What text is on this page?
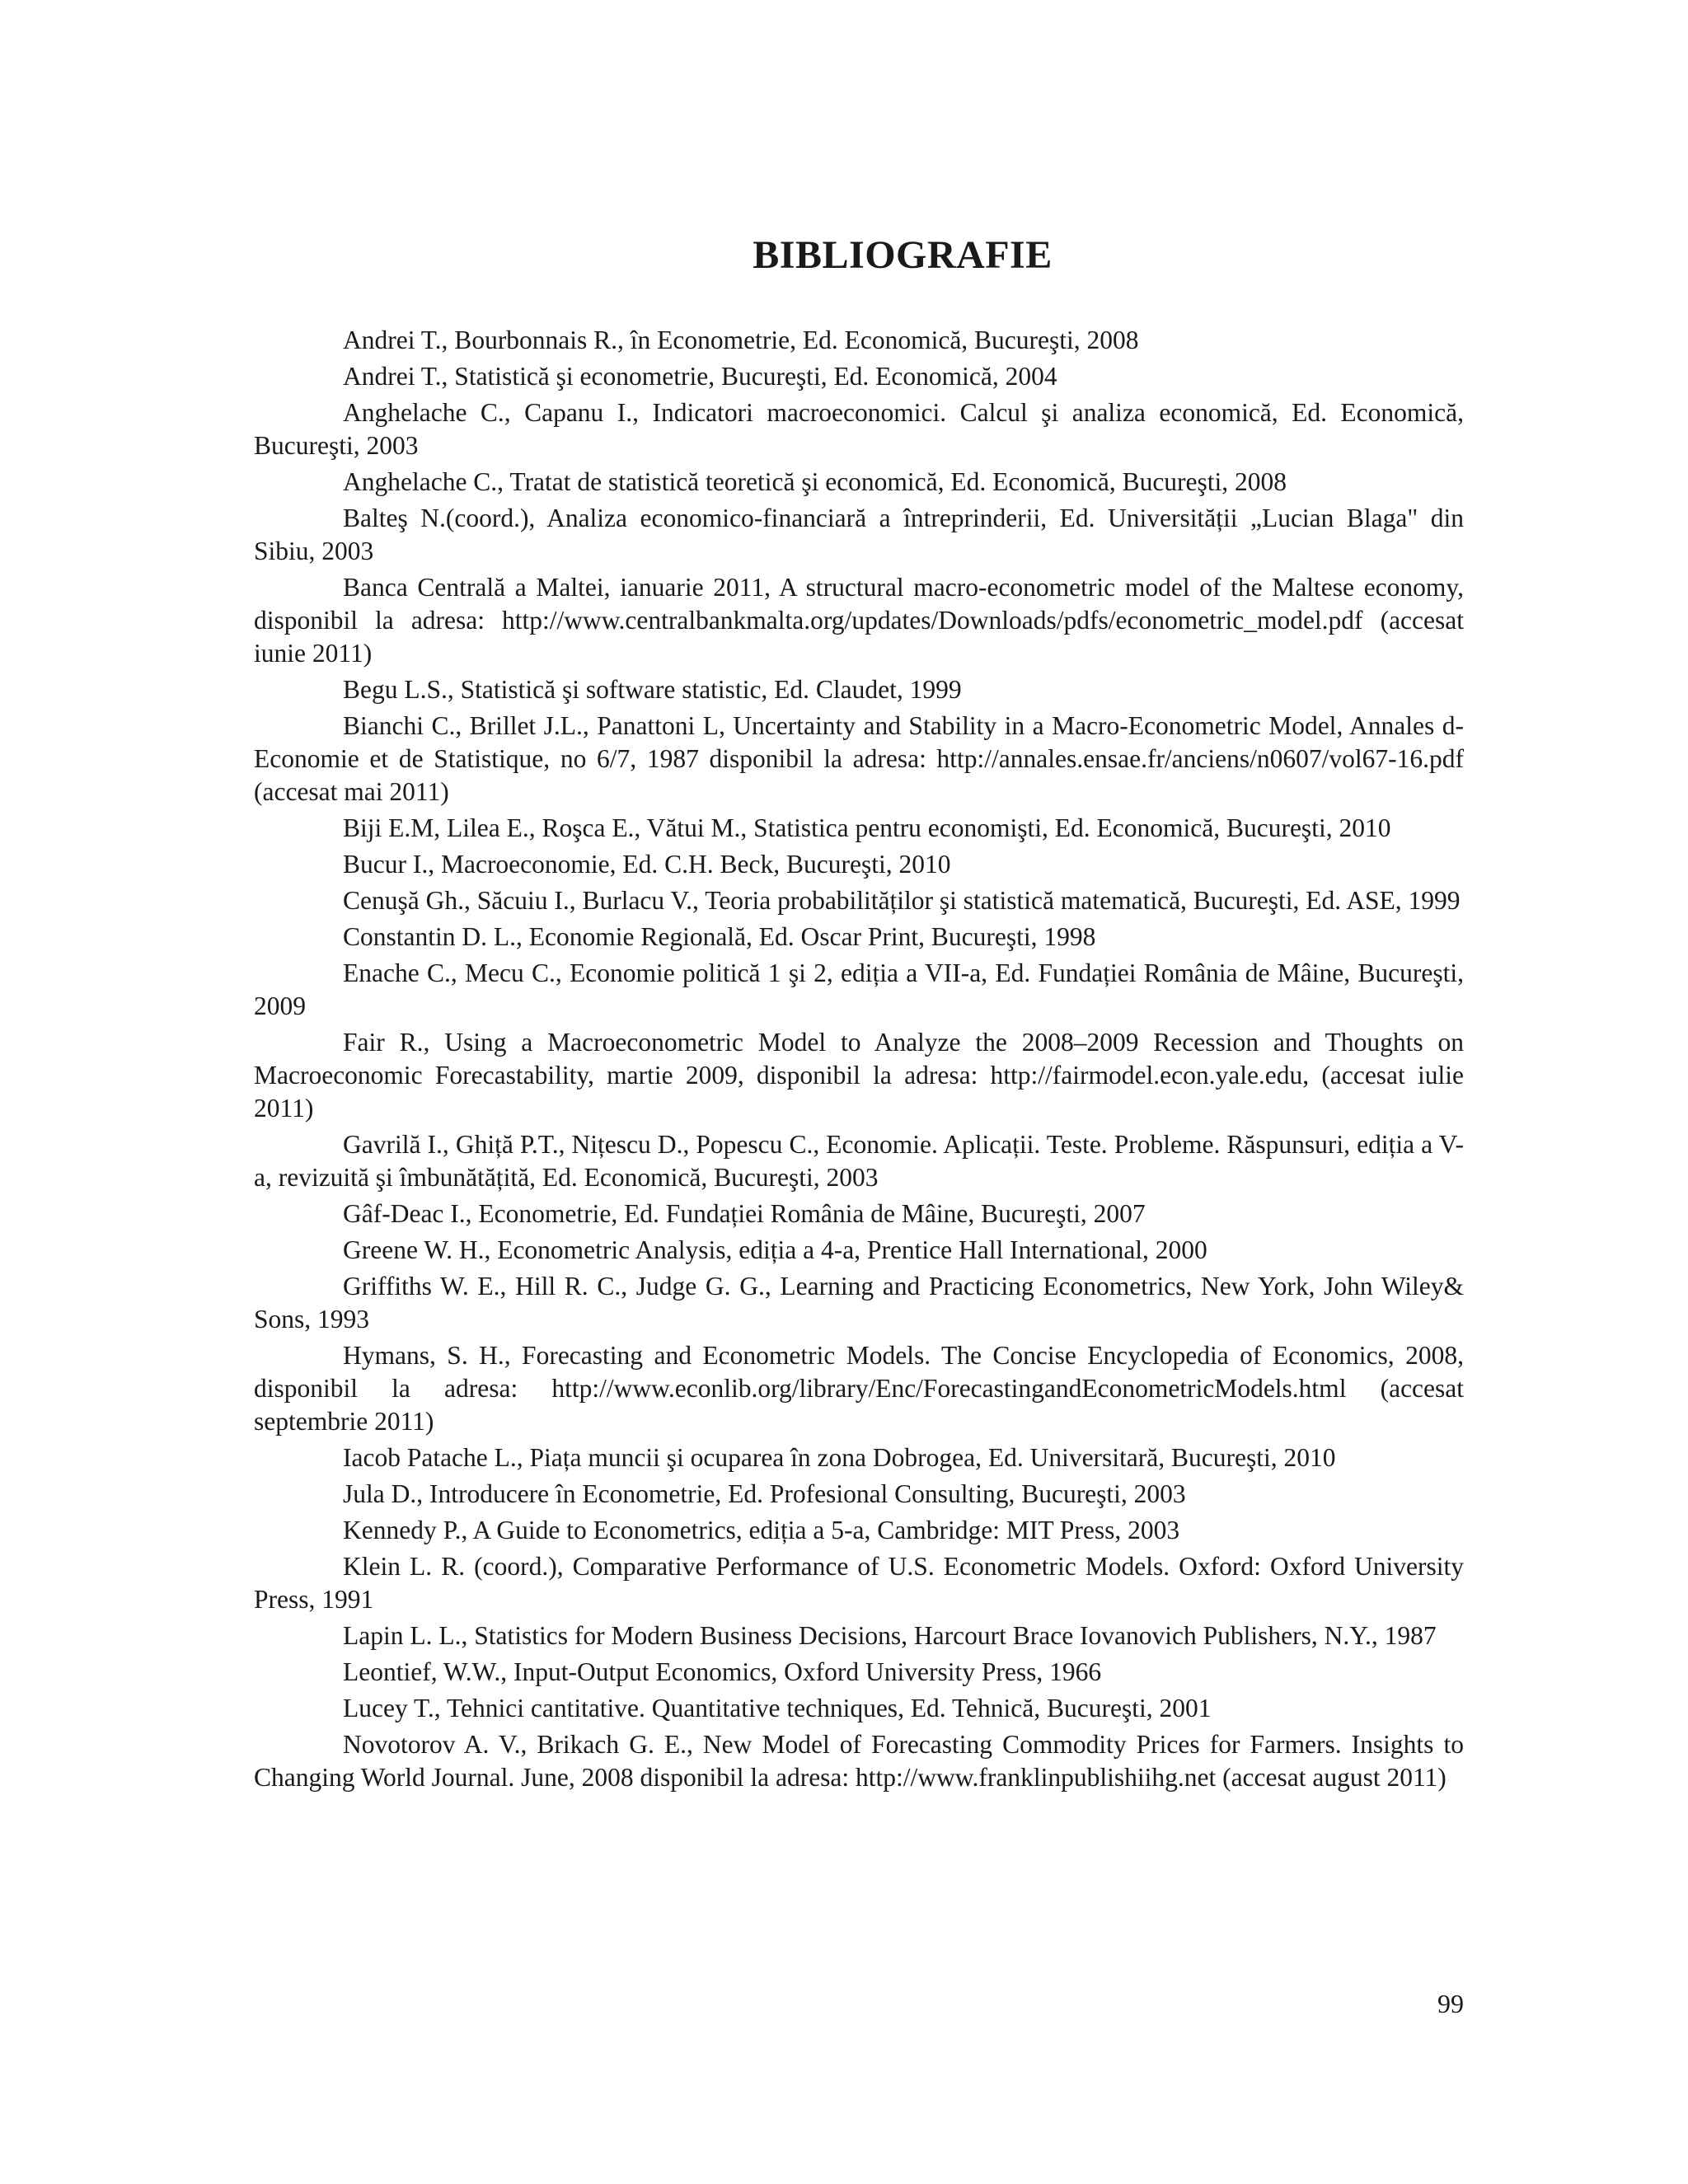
BIBLIOGRAFIE

Andrei T., Bourbonnais R., în Econometrie, Ed. Economică, Bucureşti, 2008

Andrei T., Statistică şi econometrie, Bucureşti, Ed. Economică, 2004

Anghelache C., Capanu I., Indicatori macroeconomici. Calcul şi analiza economică, Ed. Economică, Bucureşti, 2003

Anghelache C., Tratat de statistică teoretică şi economică, Ed. Economică, Bucureşti, 2008

Balteş N.(coord.), Analiza economico-financiară a întreprinderii, Ed. Universității „Lucian Blaga" din Sibiu, 2003

Banca Centrală a Maltei, ianuarie 2011, A structural macro-econometric model of the Maltese economy, disponibil la adresa: http://www.centralbankmalta.org/updates/Downloads/pdfs/econometric_model.pdf (accesat iunie 2011)

Begu L.S., Statistică şi software statistic, Ed. Claudet, 1999

Bianchi C., Brillet J.L., Panattoni L, Uncertainty and Stability in a Macro-Econometric Model, Annales d-Economie et de Statistique, no 6/7, 1987 disponibil la adresa: http://annales.ensae.fr/anciens/n0607/vol67-16.pdf (accesat mai 2011)

Biji E.M, Lilea E., Roşca E., Vătui M., Statistica pentru economişti, Ed. Economică, Bucureşti, 2010

Bucur I., Macroeconomie, Ed. C.H. Beck, Bucureşti, 2010

Cenuşă Gh., Săcuiu I., Burlacu V., Teoria probabilităților şi statistică matematică, Bucureşti, Ed. ASE, 1999

Constantin D. L., Economie Regională, Ed. Oscar Print, Bucureşti, 1998

Enache C., Mecu C., Economie politică 1 şi 2, ediția a VII-a, Ed. Fundației România de Mâine, Bucureşti, 2009

Fair R., Using a Macroeconometric Model to Analyze the 2008–2009 Recession and Thoughts on Macroeconomic Forecastability, martie 2009, disponibil la adresa: http://fairmodel.econ.yale.edu, (accesat iulie 2011)

Gavrilă I., Ghiță P.T., Nițescu D., Popescu C., Economie. Aplicații. Teste. Probleme. Răspunsuri, ediția a V-a, revizuită şi îmbunătățită, Ed. Economică, Bucureşti, 2003

Gâf-Deac I., Econometrie, Ed. Fundației România de Mâine, Bucureşti, 2007

Greene W. H., Econometric Analysis, ediția a 4-a, Prentice Hall International, 2000

Griffiths W. E., Hill R. C., Judge G. G., Learning and Practicing Econometrics, New York, John Wiley& Sons, 1993

Hymans, S. H., Forecasting and Econometric Models. The Concise Encyclopedia of Economics, 2008, disponibil la adresa: http://www.econlib.org/library/Enc/ForecastingandEconometricModels.html (accesat septembrie 2011)

Iacob Patache L., Piața muncii şi ocuparea în zona Dobrogea, Ed. Universitară, Bucureşti, 2010

Jula D., Introducere în Econometrie, Ed. Profesional Consulting, Bucureşti, 2003

Kennedy P., A Guide to Econometrics, ediția a 5-a, Cambridge: MIT Press, 2003

Klein L. R. (coord.), Comparative Performance of U.S. Econometric Models. Oxford: Oxford University Press, 1991

Lapin L. L., Statistics for Modern Business Decisions, Harcourt Brace Iovanovich Publishers, N.Y., 1987

Leontief, W.W., Input-Output Economics, Oxford University Press, 1966

Lucey T., Tehnici cantitative. Quantitative techniques, Ed. Tehnică, Bucureşti, 2001

Novotorov A. V., Brikach G. E., New Model of Forecasting Commodity Prices for Farmers. Insights to Changing World Journal. June, 2008 disponibil la adresa: http://www.franklinpublishiihg.net (accesat august 2011)

99
